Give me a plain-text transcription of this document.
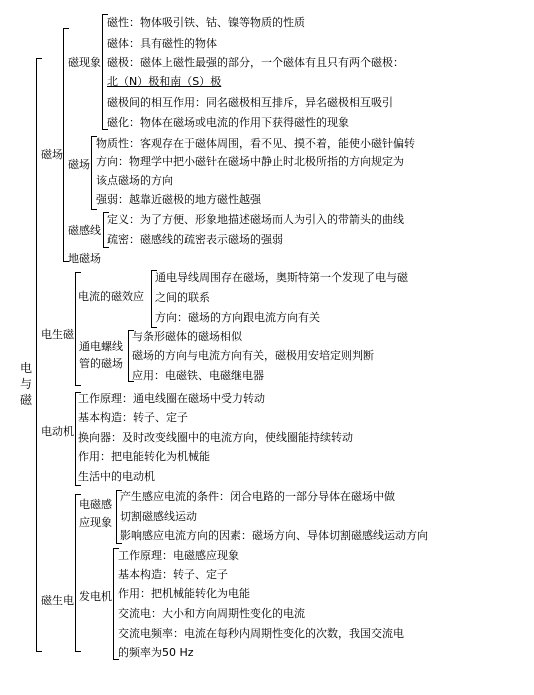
电
与
磁
磁场
磁现象
磁性：物体吸引铁、钴、镍等物质的性质
磁体：具有磁性的物体
磁极：磁体上磁性最强的部分，一个磁体有且只有两个磁极：
北（N）极和南（S）极
磁极间的相互作用：同名磁极相互排斥，异名磁极相互吸引
磁化：物体在磁场或电流的作用下获得磁性的现象
磁场
物质性：客观存在于磁体周围，看不见、摸不着，能使小磁针偏转
方向：物理学中把小磁针在磁场中静止时北极所指的方向规定为
该点磁场的方向
强弱：越靠近磁极的地方磁性越强
磁感线
定义：为了方便、形象地描述磁场而人为引入的带箭头的曲线
疏密：磁感线的疏密表示磁场的强弱
地磁场
电生磁
电流的磁效应
通电导线周围存在磁场，奥斯特第一个发现了电与磁
之间的联系
方向：磁场的方向跟电流方向有关
通电螺线管的磁场
与条形磁体的磁场相似
磁场的方向与电流方向有关，磁极用安培定则判断
应用：电磁铁、电磁继电器
电动机
工作原理：通电线圈在磁场中受力转动
基本构造：转子、定子
换向器：及时改变线圈中的电流方向，使线圈能持续转动
作用：把电能转化为机械能
生活中的电动机
磁生电
电磁感应现象
产生感应电流的条件：闭合电路的一部分导体在磁场中做
切割磁感线运动
影响感应电流方向的因素：磁场方向、导体切割磁感线运动方向
发电机
工作原理：电磁感应现象
基本构造：转子、定子
作用：把机械能转化为电能
交流电：大小和方向周期性变化的电流
交流电频率：电流在每秒内周期性变化的次数，我国交流电
的频率为50 Hz
